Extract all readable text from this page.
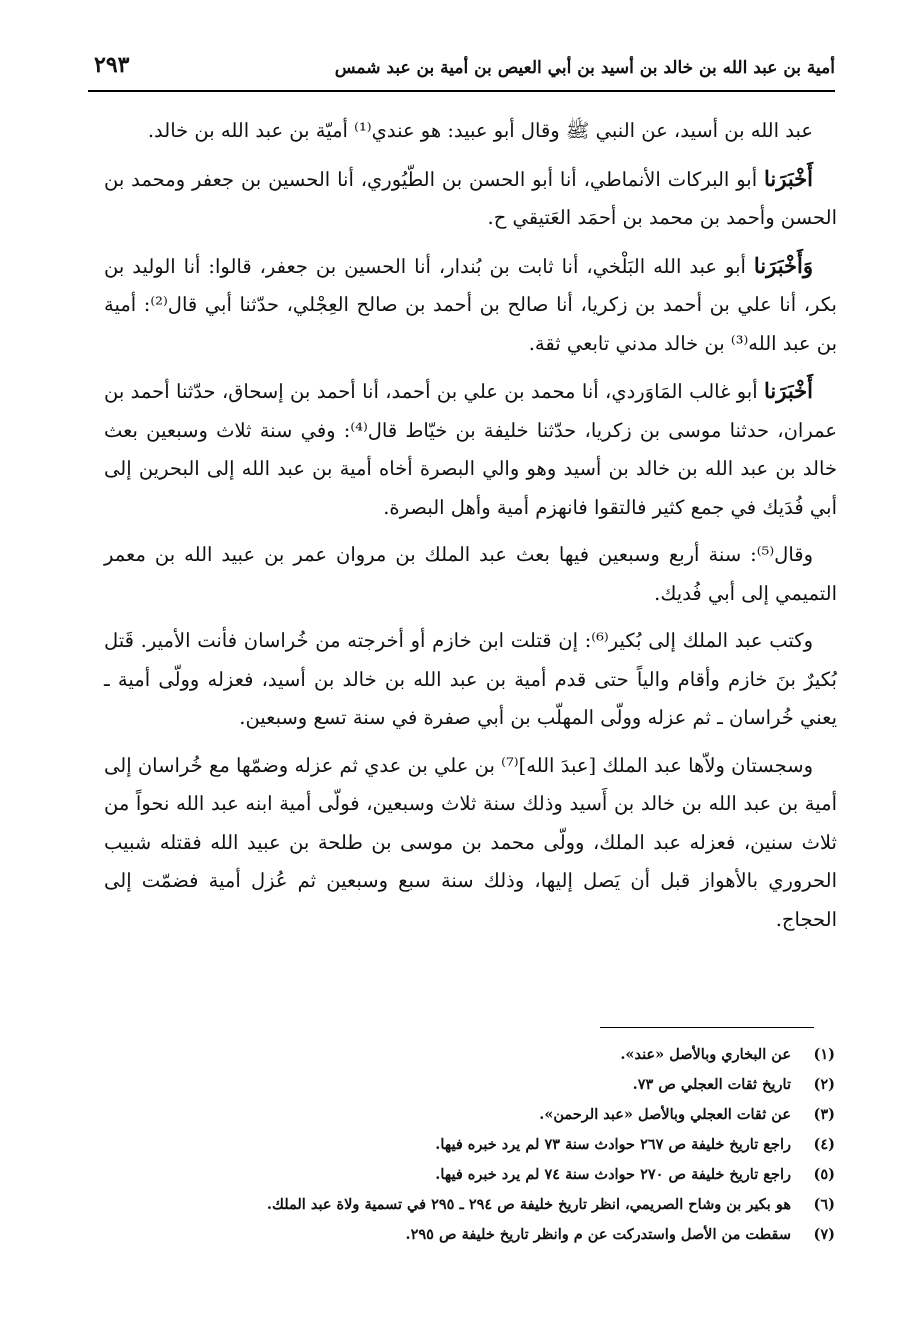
أمية بن عبد الله بن خالد بن أسيد بن أبي العيص بن أمية بن عبد شمس
٢٩٣

عبد الله بن أسيد، عن النبي ﷺ وقال أبو عبيد: هو عندي⁽¹⁾ أميّة بن عبد الله بن خالد.

أَخْبَرَنا أبو البركات الأنماطي، أنا أبو الحسن بن الطّيُوري، أنا الحسين بن جعفر ومحمد بن الحسن وأحمد بن محمد بن أحمَد العَتيقي ح.

وَأَخْبَرَنا أبو عبد الله البَلْخي، أنا ثابت بن بُندار، أنا الحسين بن جعفر، قالوا: أنا الوليد بن بكر، أنا علي بن أحمد بن زكريا، أنا صالح بن أحمد بن صالح العِجْلي، حدّثنا أبي قال⁽²⁾: أمية بن عبد الله⁽³⁾ بن خالد مدني تابعي ثقة.

أَخْبَرَنا أبو غالب المَاوَردي، أنا محمد بن علي بن أحمد، أنا أحمد بن إسحاق، حدّثنا أحمد بن عمران، حدثنا موسى بن زكريا، حدّثنا خليفة بن خيّاط قال⁽⁴⁾: وفي سنة ثلاث وسبعين بعث خالد بن عبد الله بن خالد بن أسيد وهو والي البصرة أخاه أمية بن عبد الله إلى البحرين إلى أبي فُدَيك في جمع كثير فالتقوا فانهزم أمية وأهل البصرة.

وقال⁽⁵⁾: سنة أربع وسبعين فيها بعث عبد الملك بن مروان عمر بن عبيد الله بن معمر التميمي إلى أبي فُديك.

وكتب عبد الملك إلى بُكير⁽⁶⁾: إن قتلت ابن خازم أو أخرجته من خُراسان فأنت الأمير. قَتل بُكيرٌ بنَ خازم وأقام والياً حتى قدم أمية بن عبد الله بن خالد بن أسيد، فعزله وولّى أمية ـ يعني خُراسان ـ ثم عزله وولّى المهلّب بن أبي صفرة في سنة تسع وسبعين.

وسجستان ولاّها عبد الملك [عبدَ الله]⁽⁷⁾ بن علي بن عدي ثم عزله وضمّها مع خُراسان إلى أمية بن عبد الله بن خالد بن أَسيد وذلك سنة ثلاث وسبعين، فولّى أمية ابنه عبد الله نحواً من ثلاث سنين، فعزله عبد الملك، وولّى محمد بن موسى بن طلحة بن عبيد الله فقتله شبيب الحروري بالأهواز قبل أن يَصل إليها، وذلك سنة سبع وسبعين ثم عُزل أمية فضمّت إلى الحجاج.

(١)
عن البخاري وبالأصل «عند».
(٢)
تاريخ ثقات العجلي ص ٧٣.
(٣)
عن ثقات العجلي وبالأصل «عبد الرحمن».
(٤)
راجع تاريخ خليفة ص ٢٦٧ حوادث سنة ٧٣ لم يرد خبره فيها.
(٥)
راجع تاريخ خليفة ص ٢٧٠ حوادث سنة ٧٤ لم يرد خبره فيها.
(٦)
هو بكير بن وشاح الصريمي، انظر تاريخ خليفة ص ٢٩٤ ـ ٢٩٥ في تسمية ولاة عبد الملك.
(٧)
سقطت من الأصل واستدركت عن م وانظر تاريخ خليفة ص ٢٩٥.
